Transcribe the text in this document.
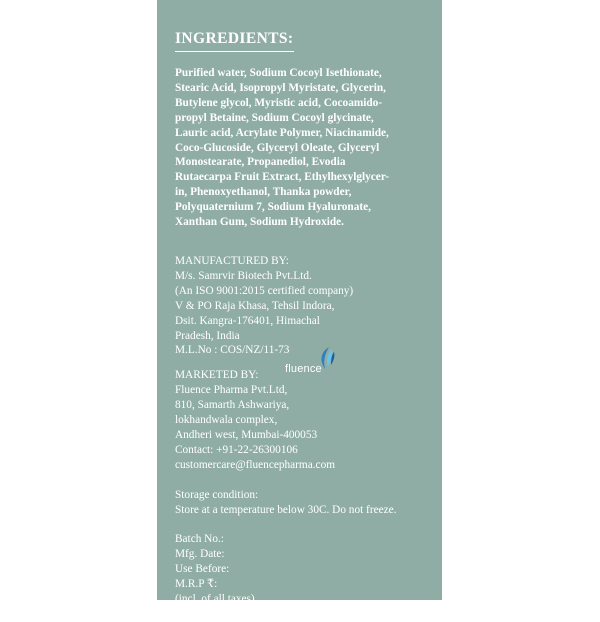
INGREDIENTS:
Purified water, Sodium Cocoyl Isethionate,
Stearic Acid, Isopropyl Myristate, Glycerin,
Butylene glycol, Myristic acid, Cocoamido-
propyl Betaine, Sodium Cocoyl glycinate,
Lauric acid, Acrylate Polymer, Niacinamide,
Coco-Glucoside, Glyceryl Oleate, Glyceryl
Monostearate, Propanediol, Evodia
Rutaecarpa Fruit Extract, Ethylhexylglycer-
in, Phenoxyethanol, Thanka powder,
Polyquaternium 7, Sodium Hyaluronate,
Xanthan Gum, Sodium Hydroxide.
MANUFACTURED BY:
M/s. Samrvir Biotech Pvt.Ltd.
(An ISO 9001:2015 certified company)
V & PO Raja Khasa, Tehsil Indora,
Dsit. Kangra-176401, Himachal
Pradesh, India
M.L.No : COS/NZ/11-73
MARKETED BY: fluence
Fluence Pharma Pvt.Ltd,
810, Samarth Ashwariya,
lokhandwala complex,
Andheri west, Mumbai-400053
Contact: +91-22-26300106
customercare@fluencepharma.com
Storage condition:
Store at a temperature below 30C. Do not freeze.
Batch No.:
Mfg. Date:
Use Before:
M.R.P ₹:
(incl. of all taxes)
USP:
